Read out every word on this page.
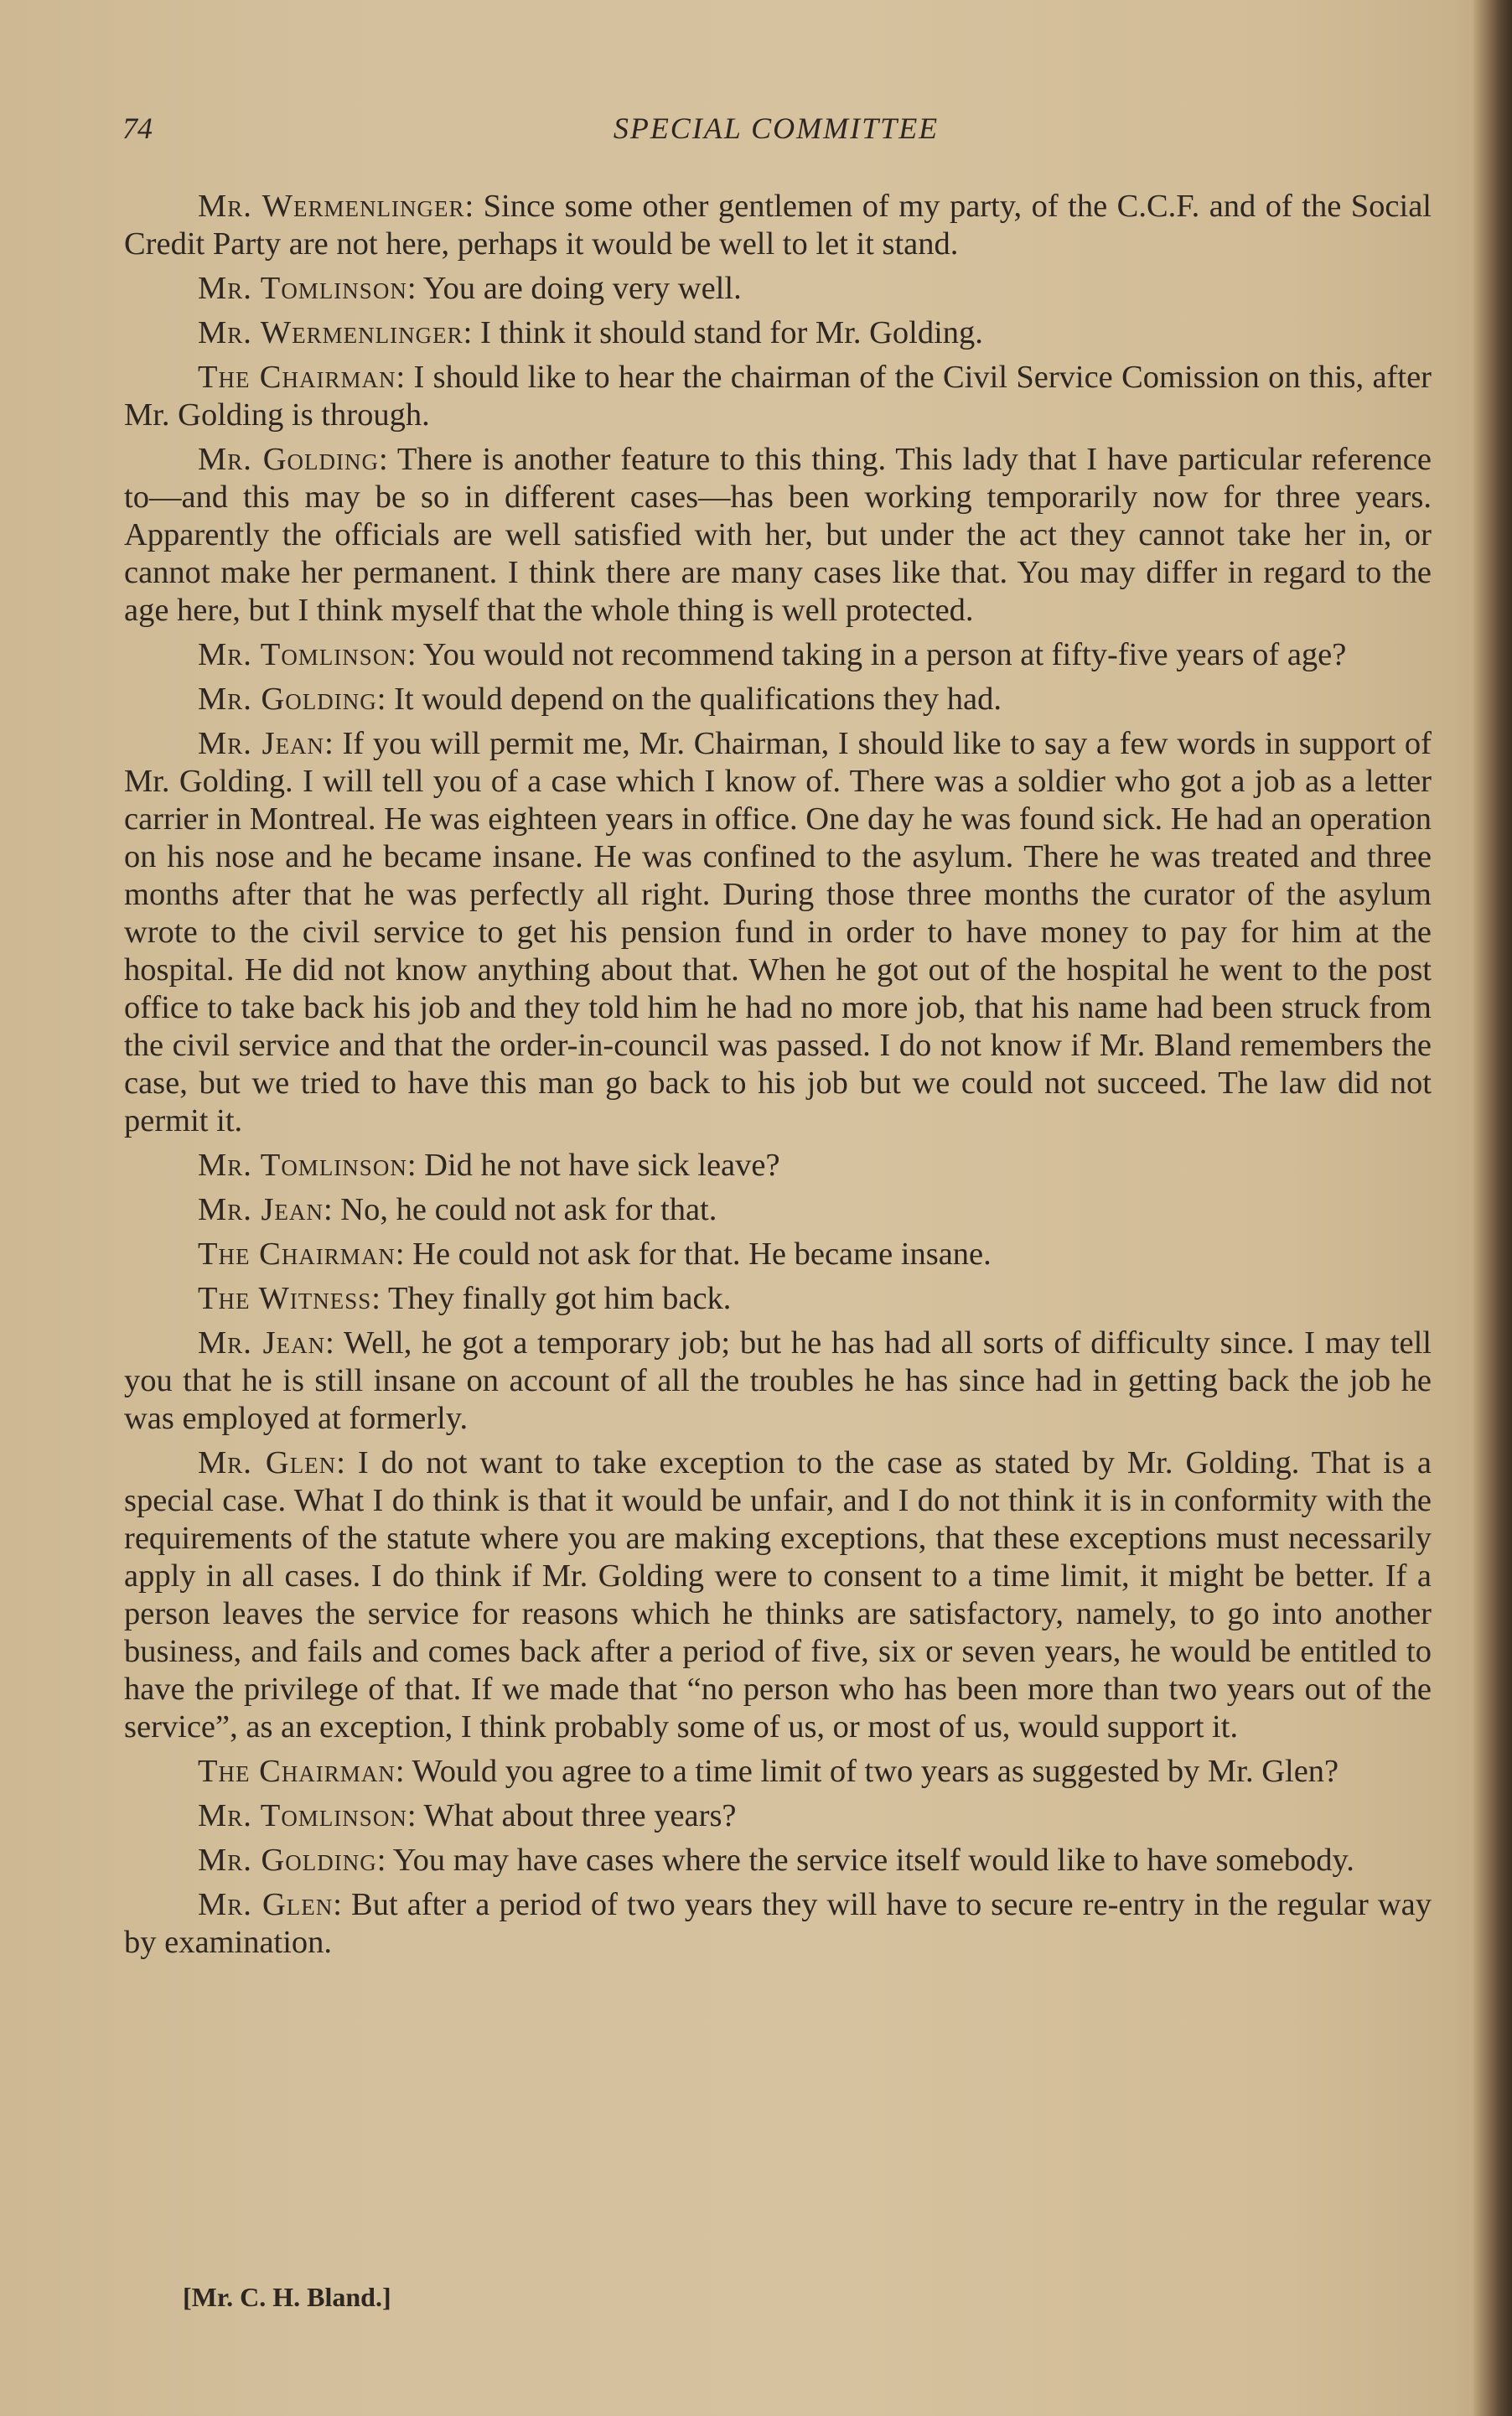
74	SPECIAL COMMITTEE

Mr. Wermenlinger: Since some other gentlemen of my party, of the C.C.F. and of the Social Credit Party are not here, perhaps it would be well to let it stand.

Mr. Tomlinson: You are doing very well.

Mr. Wermenlinger: I think it should stand for Mr. Golding.

The Chairman: I should like to hear the chairman of the Civil Service Comission on this, after Mr. Golding is through.

Mr. Golding: There is another feature to this thing. This lady that I have particular reference to—and this may be so in different cases—has been working temporarily now for three years. Apparently the officials are well satisfied with her, but under the act they cannot take her in, or cannot make her permanent. I think there are many cases like that. You may differ in regard to the age here, but I think myself that the whole thing is well protected.

Mr. Tomlinson: You would not recommend taking in a person at fifty-five years of age?

Mr. Golding: It would depend on the qualifications they had.

Mr. Jean: If you will permit me, Mr. Chairman, I should like to say a few words in support of Mr. Golding. I will tell you of a case which I know of. There was a soldier who got a job as a letter carrier in Montreal. He was eighteen years in office. One day he was found sick. He had an operation on his nose and he became insane. He was confined to the asylum. There he was treated and three months after that he was perfectly all right. During those three months the curator of the asylum wrote to the civil service to get his pension fund in order to have money to pay for him at the hospital. He did not know anything about that. When he got out of the hospital he went to the post office to take back his job and they told him he had no more job, that his name had been struck from the civil service and that the order-in-council was passed. I do not know if Mr. Bland remembers the case, but we tried to have this man go back to his job but we could not succeed. The law did not permit it.

Mr. Tomlinson: Did he not have sick leave?

Mr. Jean: No, he could not ask for that.

The Chairman: He could not ask for that. He became insane.

The Witness: They finally got him back.

Mr. Jean: Well, he got a temporary job; but he has had all sorts of difficulty since. I may tell you that he is still insane on account of all the troubles he has since had in getting back the job he was employed at formerly.

Mr. Glen: I do not want to take exception to the case as stated by Mr. Golding. That is a special case. What I do think is that it would be unfair, and I do not think it is in conformity with the requirements of the statute where you are making exceptions, that these exceptions must necessarily apply in all cases. I do think if Mr. Golding were to consent to a time limit, it might be better. If a person leaves the service for reasons which he thinks are satisfactory, namely, to go into another business, and fails and comes back after a period of five, six or seven years, he would be entitled to have the privilege of that. If we made that “no person who has been more than two years out of the service”, as an exception, I think probably some of us, or most of us, would support it.

The Chairman: Would you agree to a time limit of two years as suggested by Mr. Glen?

Mr. Tomlinson: What about three years?

Mr. Golding: You may have cases where the service itself would like to have somebody.

Mr. Glen: But after a period of two years they will have to secure re-entry in the regular way by examination.

[Mr. C. H. Bland.]
